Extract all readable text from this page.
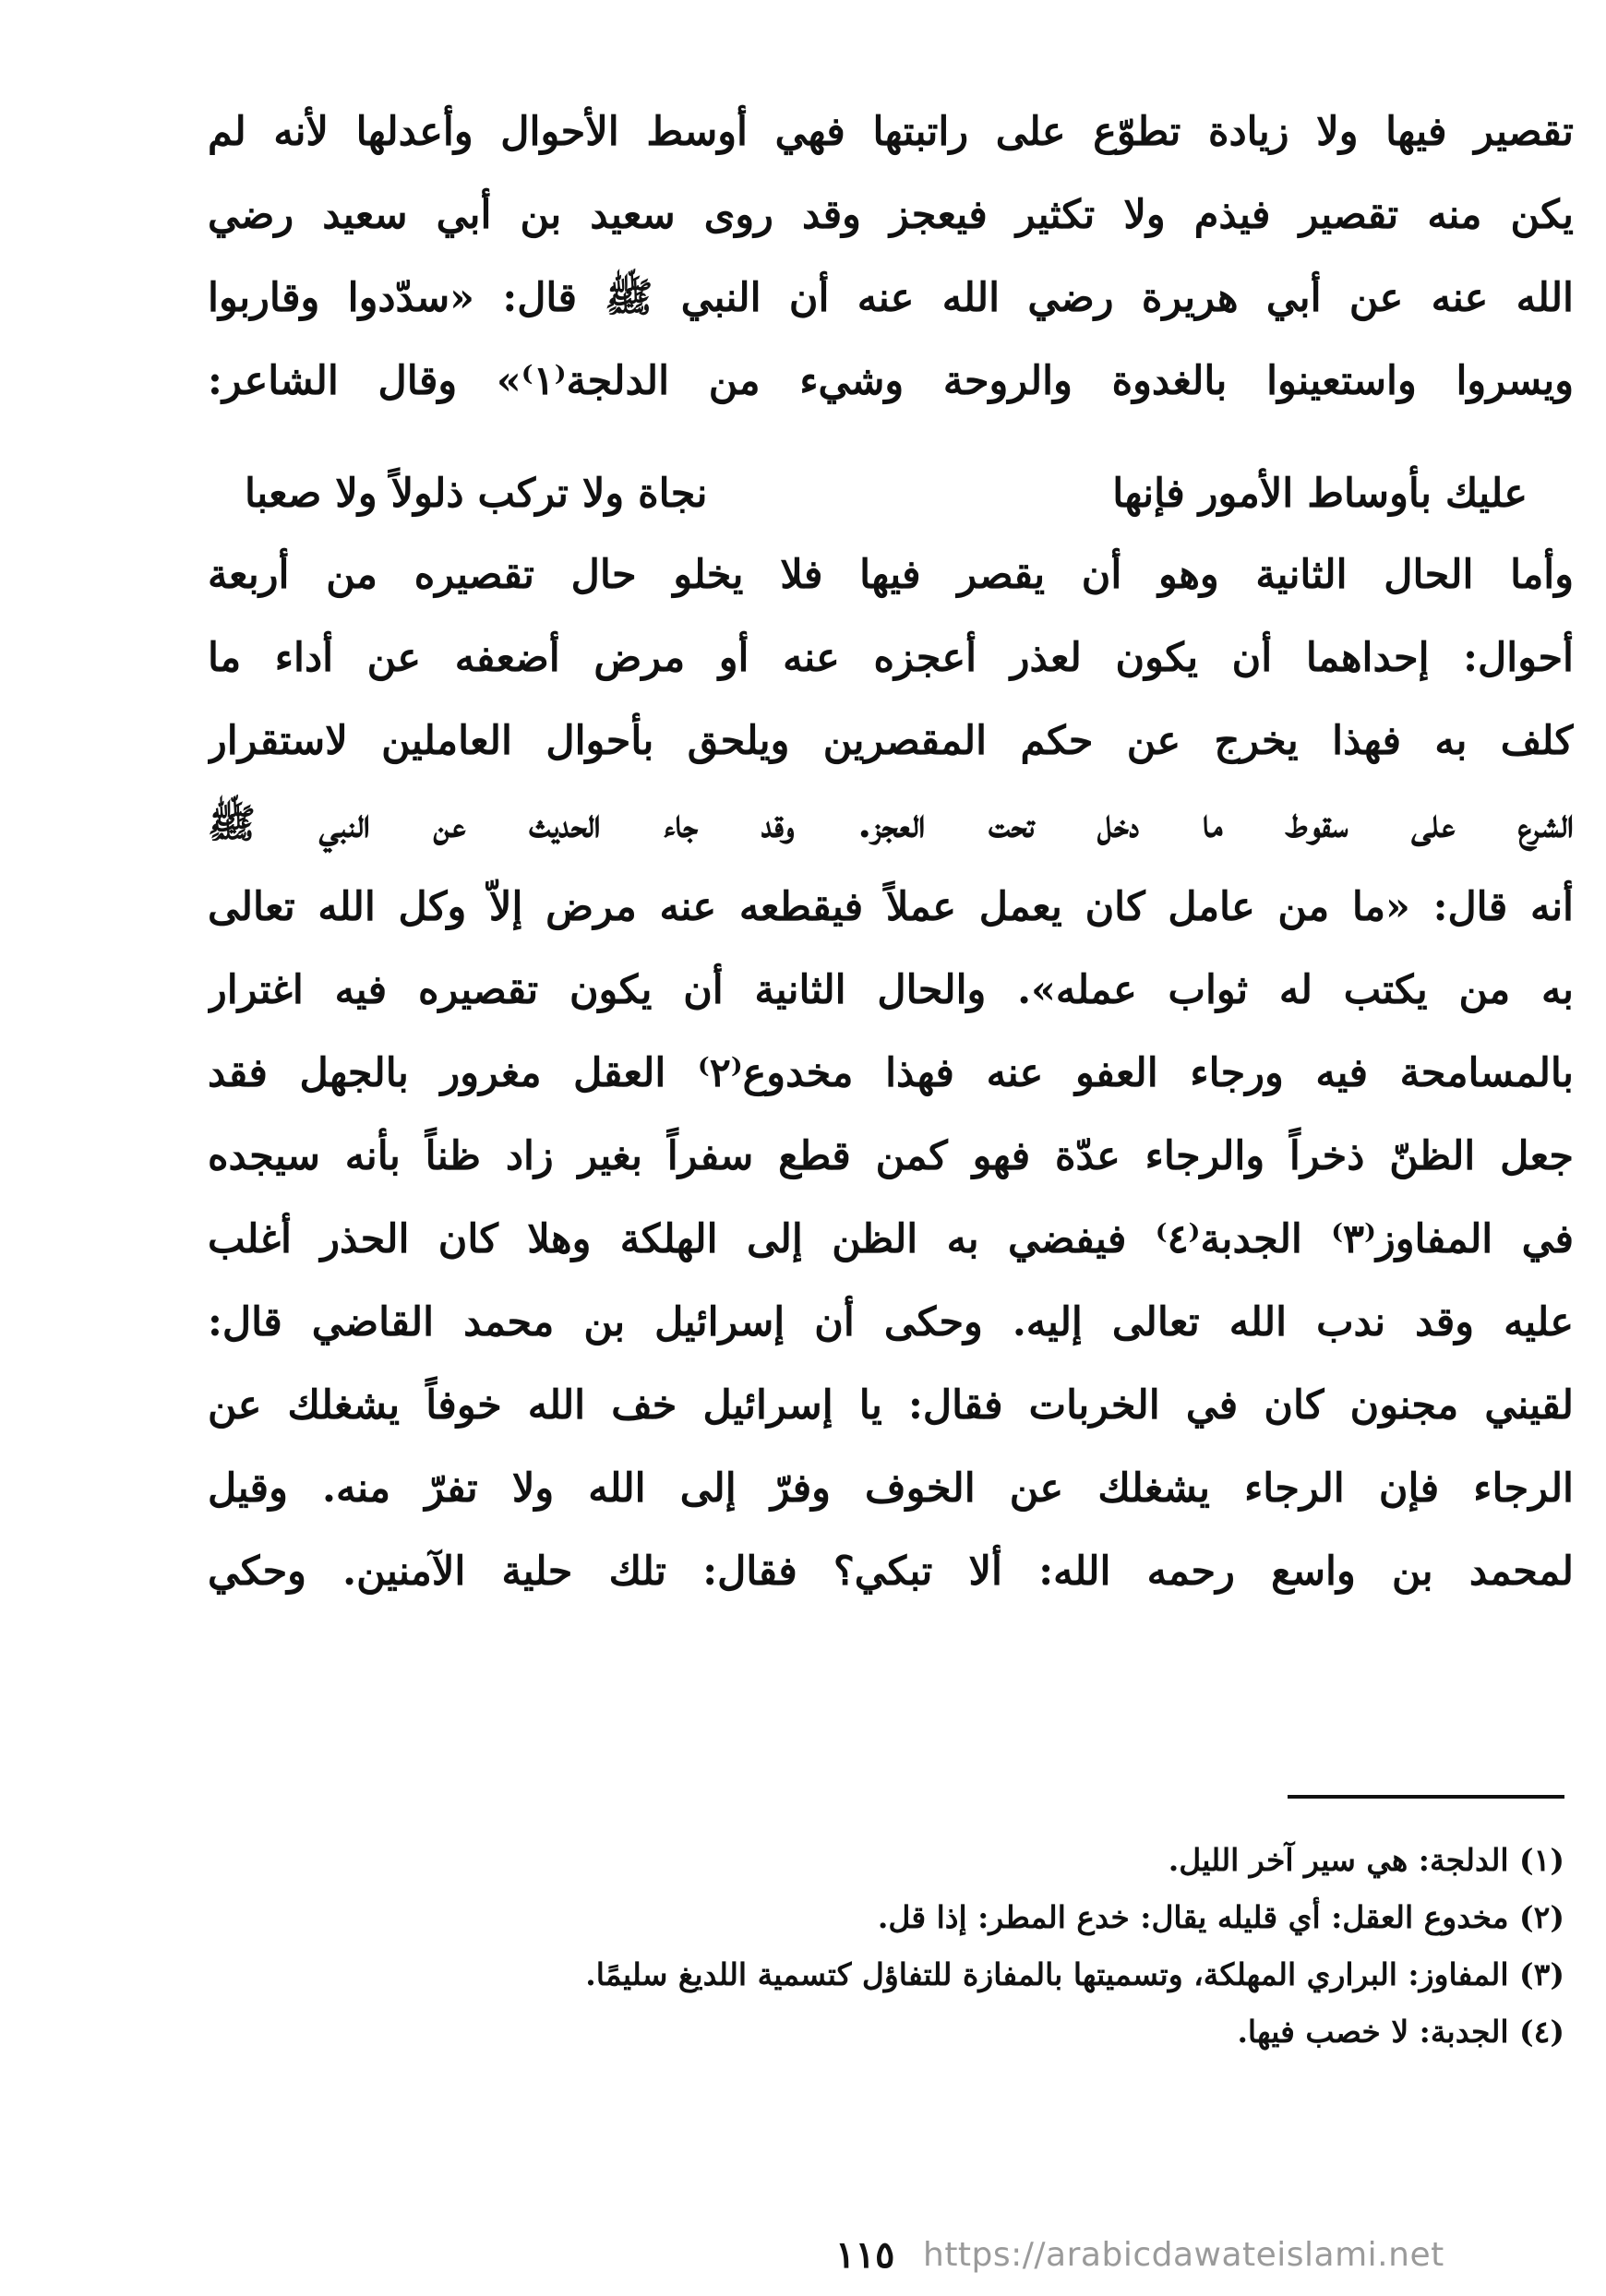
تقصير فيها ولا زيادة تطوّع على راتبتها فهي أوسط الأحوال وأعدلها لأنه لم
يكن منه تقصير فيذم ولا تكثير فيعجز وقد روى سعيد بن أبي سعيد رضي
الله عنه عن أبي هريرة رضي الله عنه أن النبي ﷺ قال: «سدّدوا وقاربوا
ويسروا واستعينوا بالغدوة والروحة وشيء من الدلجة⁽١⁾» وقال الشاعر:
عليك بأوساط الأمور فإنها
نجاة ولا تركب ذلولاً ولا صعبا
وأما الحال الثانية وهو أن يقصر فيها فلا يخلو حال تقصيره من أربعة
أحوال: إحداهما أن يكون لعذر أعجزه عنه أو مرض أضعفه عن أداء ما
كلف به فهذا يخرج عن حكم المقصرين ويلحق بأحوال العاملين لاستقرار
الشرع على سقوط ما دخل تحت العجز. وقد جاء الحديث عن النبي ﷺ
أنه قال: «ما من عامل كان يعمل عملاً فيقطعه عنه مرض إلاّ وكل الله تعالى
به من يكتب له ثواب عمله». والحال الثانية أن يكون تقصيره فيه اغترار
بالمسامحة فيه ورجاء العفو عنه فهذا مخدوع⁽٢⁾ العقل مغرور بالجهل فقد
جعل الظنّ ذخراً والرجاء عدّة فهو كمن قطع سفراً بغير زاد ظناً بأنه سيجده
في المفاوز⁽٣⁾ الجدبة⁽٤⁾ فيفضي به الظن إلى الهلكة وهلا كان الحذر أغلب
عليه وقد ندب الله تعالى إليه. وحكى أن إسرائيل بن محمد القاضي قال:
لقيني مجنون كان في الخربات فقال: يا إسرائيل خف الله خوفاً يشغلك عن
الرجاء فإن الرجاء يشغلك عن الخوف وفرّ إلى الله ولا تفرّ منه. وقيل
لمحمد بن واسع رحمه الله: ألا تبكي؟ فقال: تلك حلية الآمنين. وحكي
(١) الدلجة: هي سير آخر الليل.
(٢) مخدوع العقل: أي قليله يقال: خدع المطر: إذا قل.
(٣) المفاوز: البراري المهلكة، وتسميتها بالمفازة للتفاؤل كتسمية اللديغ سليمًا.
(٤) الجدبة: لا خصب فيها.
١١٥ https://arabicdawateislami.net
